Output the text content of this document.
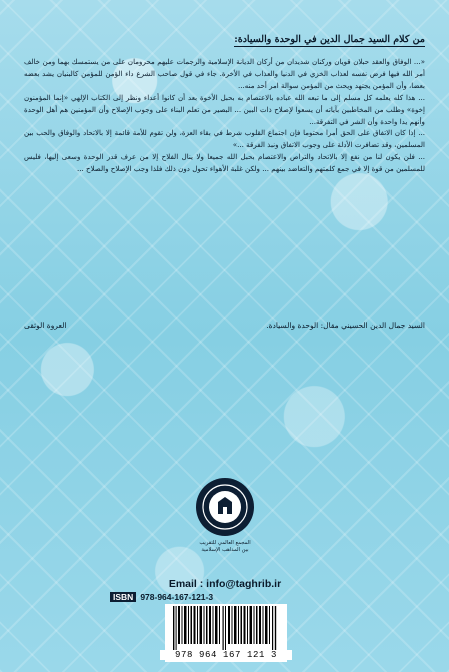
من كلام السيد جمال الدين في الوحدة والسيادة:

«... الوفاق والعقد حبلان قويان وركنان شديدان من أركان الديانة الإسلامية والرجمات عليهم محرومان على من يستمسك بهما ومن خالف أمر الله فيها فرض نفسه لعذاب الخزي في الدنيا والعذاب في الأخرة. جاء في قول صاحب الشرع داء الؤمن للمؤمن كالبنيان يشد بعضه بعضا، وأن المؤمن يجتهد ويحث من المؤمن سوالة امر أحد منه...

... هذا كله يعلمه كل مسلم إلى ما تبعه الله عباده بالاعتصام به بحبل الأخوة بعد أن كانوا أعداء ونظر إلى الكتاب الإلهي «إنما المؤمنون إخوة» وطلب من المخاطبين بآياته أن يسعوا لإصلاح ذات البين ... البصير من تعلم البناء على وجوب الإصلاح وأن المؤمنين هم أهل الوحدة وأنهم يدا واحدة وأن الشر في التفرقة...

... إذا كان الاتفاق على الحق أمرا محتوما فإن اجتماع القلوب شرط في بقاء العزة، ولن تقوم للأمة قائمة إلا بالاتحاد والوفاق والحب بين المسلمين، وقد تضافرت الأدلة على وجوب الاتفاق ونبذ الفرقة ...»

... فلن يكون لنا من نفع إلا بالاتحاد والتراص والاعتصام بحبل الله جميعا ولا ينال الفلاح إلا من عرف قدر الوحدة وسعى إليها، فليس للمسلمين من قوة إلا في جمع كلمتهم والتعاضد بينهم ... ولكن غلبة الأهواء تحول دون ذلك فلذا وجب الإصلاح والصلاح ...

السيد جمال الدين الحسيني مقال: الوحدة والسيادة.
العروة الوثقى
المجمع العالمي للتقريب
بين المذاهب الإسلامية
Email : info@taghrib.ir
ISBN 978-964-167-121-3
978 964 167 121 3
